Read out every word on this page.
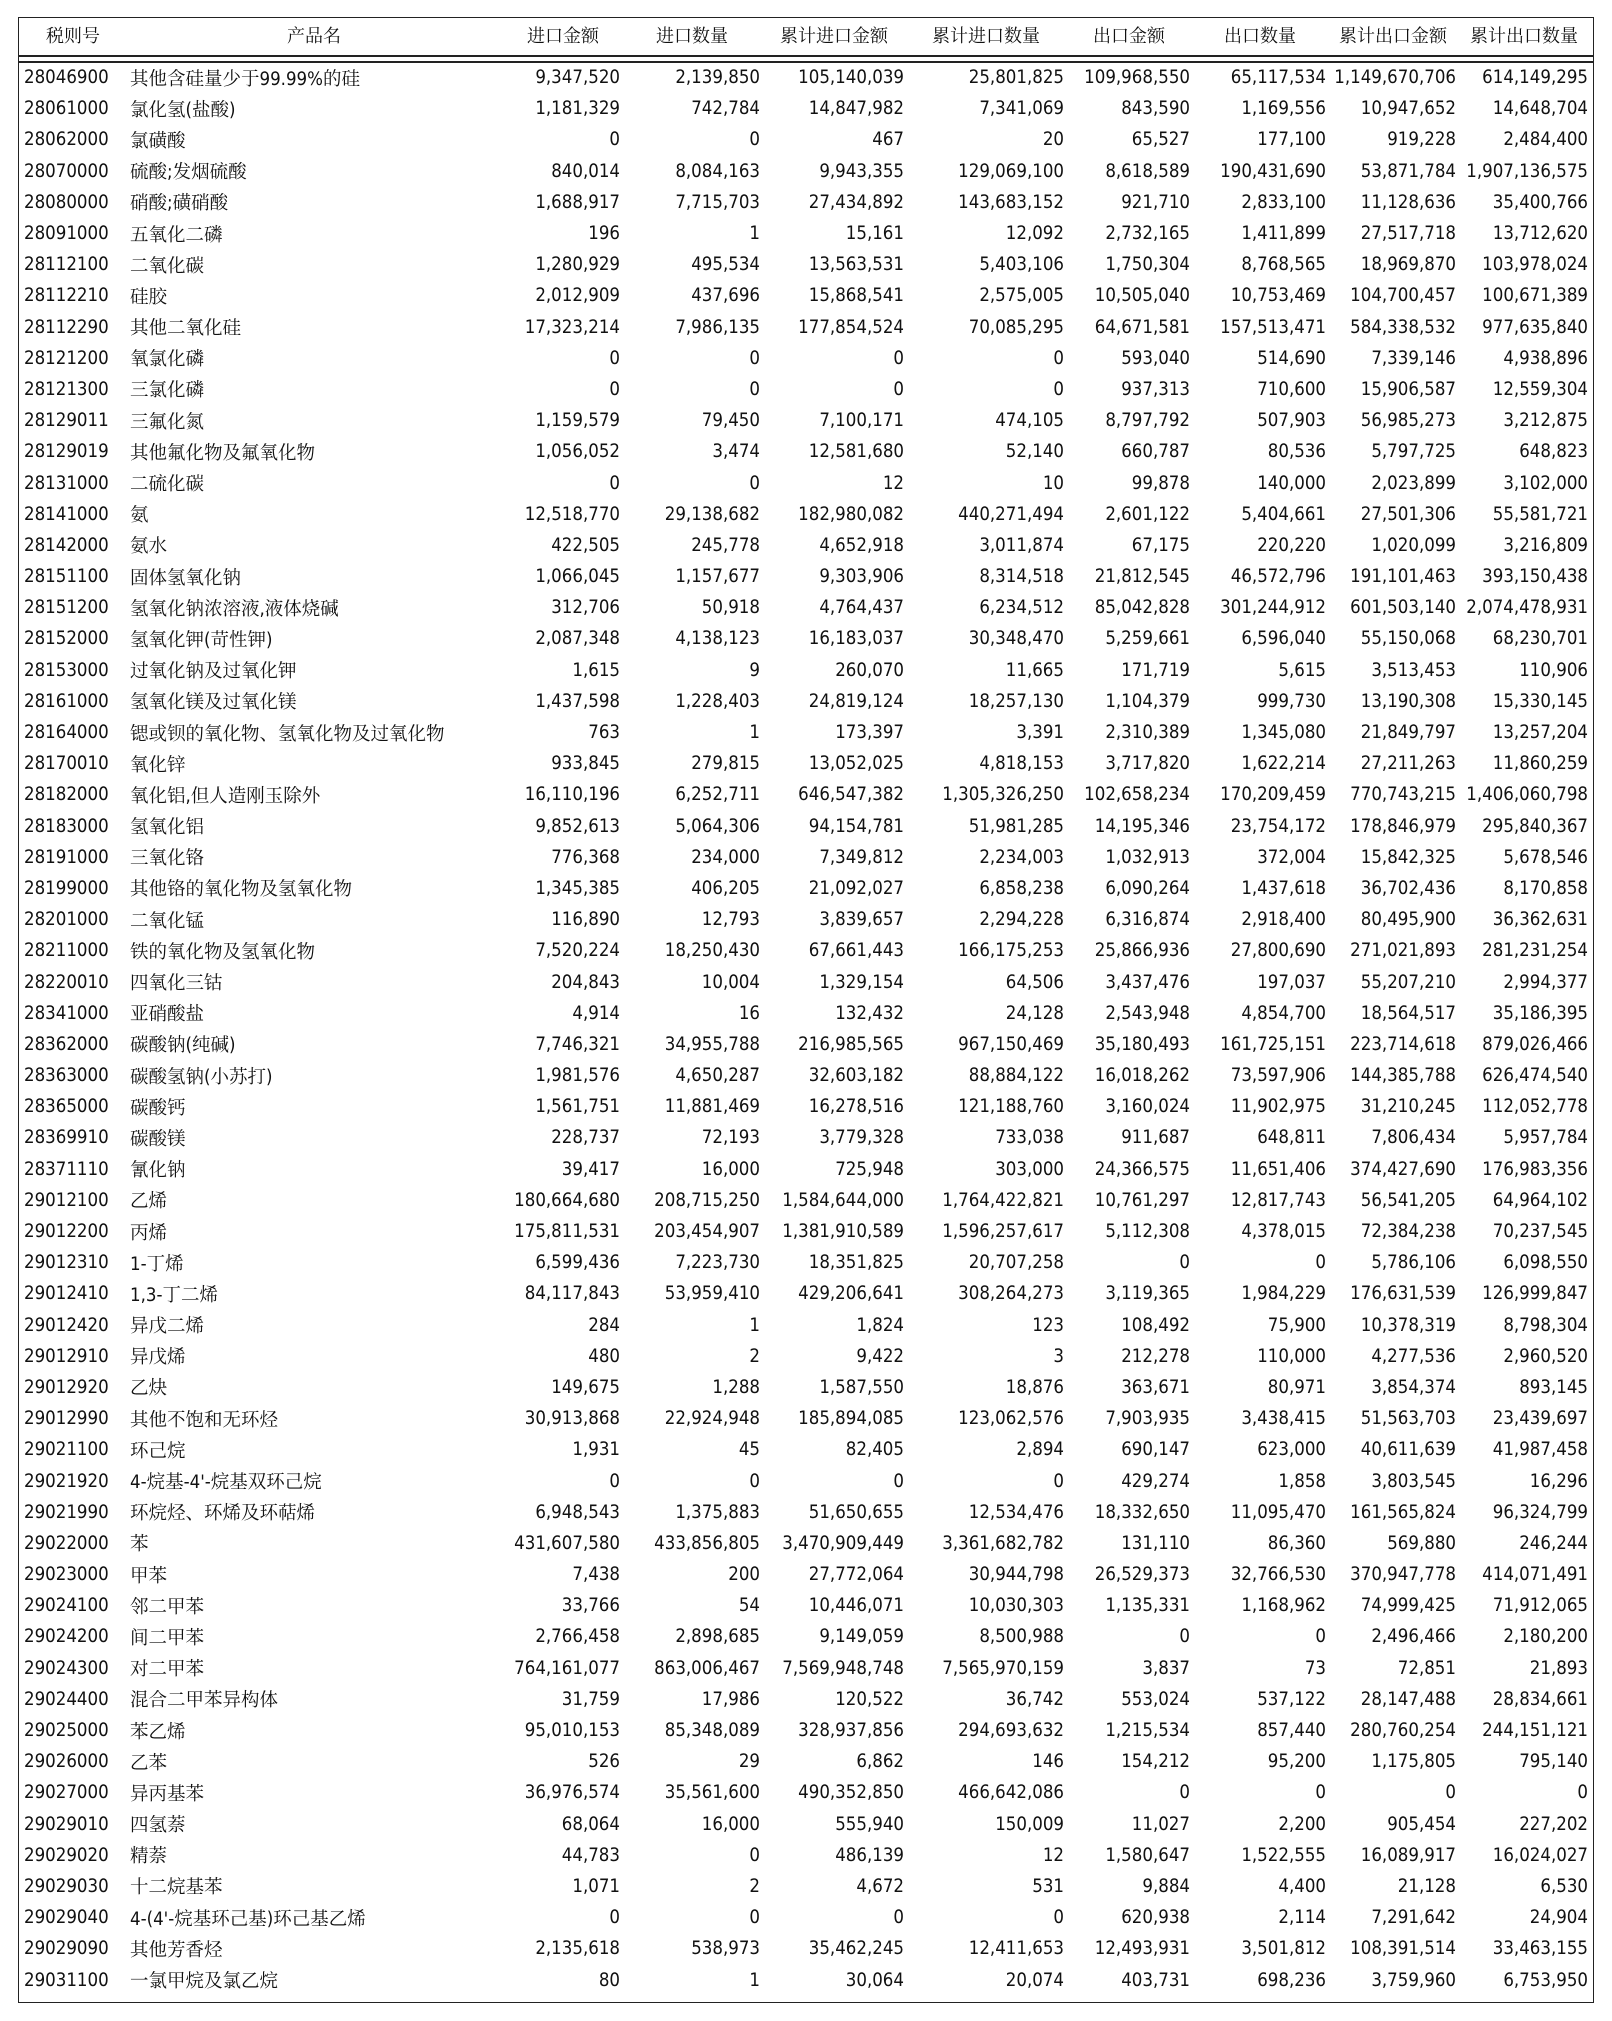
税则号	产品名	进口金额	进口数量	累计进口金额	累计进口数量	出口金额	出口数量	累计出口金额	累计出口数量

28046900	其他含硅量少于99.99%的硅	9,347,520	2,139,850	105,140,039	25,801,825	109,968,550	65,117,534	1,149,670,706	614,149,295
28061000	氯化氢(盐酸)	1,181,329	742,784	14,847,982	7,341,069	843,590	1,169,556	10,947,652	14,648,704
28062000	氯磺酸	0	0	467	20	65,527	177,100	919,228	2,484,400
28070000	硫酸;发烟硫酸	840,014	8,084,163	9,943,355	129,069,100	8,618,589	190,431,690	53,871,784	1,907,136,575
28080000	硝酸;磺硝酸	1,688,917	7,715,703	27,434,892	143,683,152	921,710	2,833,100	11,128,636	35,400,766
28091000	五氧化二磷	196	1	15,161	12,092	2,732,165	1,411,899	27,517,718	13,712,620
28112100	二氧化碳	1,280,929	495,534	13,563,531	5,403,106	1,750,304	8,768,565	18,969,870	103,978,024
28112210	硅胶	2,012,909	437,696	15,868,541	2,575,005	10,505,040	10,753,469	104,700,457	100,671,389
28112290	其他二氧化硅	17,323,214	7,986,135	177,854,524	70,085,295	64,671,581	157,513,471	584,338,532	977,635,840
28121200	氧氯化磷	0	0	0	0	593,040	514,690	7,339,146	4,938,896
28121300	三氯化磷	0	0	0	0	937,313	710,600	15,906,587	12,559,304
28129011	三氟化氮	1,159,579	79,450	7,100,171	474,105	8,797,792	507,903	56,985,273	3,212,875
28129019	其他氟化物及氟氧化物	1,056,052	3,474	12,581,680	52,140	660,787	80,536	5,797,725	648,823
28131000	二硫化碳	0	0	12	10	99,878	140,000	2,023,899	3,102,000
28141000	氨	12,518,770	29,138,682	182,980,082	440,271,494	2,601,122	5,404,661	27,501,306	55,581,721
28142000	氨水	422,505	245,778	4,652,918	3,011,874	67,175	220,220	1,020,099	3,216,809
28151100	固体氢氧化钠	1,066,045	1,157,677	9,303,906	8,314,518	21,812,545	46,572,796	191,101,463	393,150,438
28151200	氢氧化钠浓溶液,液体烧碱	312,706	50,918	4,764,437	6,234,512	85,042,828	301,244,912	601,503,140	2,074,478,931
28152000	氢氧化钾(苛性钾)	2,087,348	4,138,123	16,183,037	30,348,470	5,259,661	6,596,040	55,150,068	68,230,701
28153000	过氧化钠及过氧化钾	1,615	9	260,070	11,665	171,719	5,615	3,513,453	110,906
28161000	氢氧化镁及过氧化镁	1,437,598	1,228,403	24,819,124	18,257,130	1,104,379	999,730	13,190,308	15,330,145
28164000	锶或钡的氧化物、氢氧化物及过氧化物	763	1	173,397	3,391	2,310,389	1,345,080	21,849,797	13,257,204
28170010	氧化锌	933,845	279,815	13,052,025	4,818,153	3,717,820	1,622,214	27,211,263	11,860,259
28182000	氧化铝,但人造刚玉除外	16,110,196	6,252,711	646,547,382	1,305,326,250	102,658,234	170,209,459	770,743,215	1,406,060,798
28183000	氢氧化铝	9,852,613	5,064,306	94,154,781	51,981,285	14,195,346	23,754,172	178,846,979	295,840,367
28191000	三氧化铬	776,368	234,000	7,349,812	2,234,003	1,032,913	372,004	15,842,325	5,678,546
28199000	其他铬的氧化物及氢氧化物	1,345,385	406,205	21,092,027	6,858,238	6,090,264	1,437,618	36,702,436	8,170,858
28201000	二氧化锰	116,890	12,793	3,839,657	2,294,228	6,316,874	2,918,400	80,495,900	36,362,631
28211000	铁的氧化物及氢氧化物	7,520,224	18,250,430	67,661,443	166,175,253	25,866,936	27,800,690	271,021,893	281,231,254
28220010	四氧化三钴	204,843	10,004	1,329,154	64,506	3,437,476	197,037	55,207,210	2,994,377
28341000	亚硝酸盐	4,914	16	132,432	24,128	2,543,948	4,854,700	18,564,517	35,186,395
28362000	碳酸钠(纯碱)	7,746,321	34,955,788	216,985,565	967,150,469	35,180,493	161,725,151	223,714,618	879,026,466
28363000	碳酸氢钠(小苏打)	1,981,576	4,650,287	32,603,182	88,884,122	16,018,262	73,597,906	144,385,788	626,474,540
28365000	碳酸钙	1,561,751	11,881,469	16,278,516	121,188,760	3,160,024	11,902,975	31,210,245	112,052,778
28369910	碳酸镁	228,737	72,193	3,779,328	733,038	911,687	648,811	7,806,434	5,957,784
28371110	氰化钠	39,417	16,000	725,948	303,000	24,366,575	11,651,406	374,427,690	176,983,356
29012100	乙烯	180,664,680	208,715,250	1,584,644,000	1,764,422,821	10,761,297	12,817,743	56,541,205	64,964,102
29012200	丙烯	175,811,531	203,454,907	1,381,910,589	1,596,257,617	5,112,308	4,378,015	72,384,238	70,237,545
29012310	1-丁烯	6,599,436	7,223,730	18,351,825	20,707,258	0	0	5,786,106	6,098,550
29012410	1,3-丁二烯	84,117,843	53,959,410	429,206,641	308,264,273	3,119,365	1,984,229	176,631,539	126,999,847
29012420	异戊二烯	284	1	1,824	123	108,492	75,900	10,378,319	8,798,304
29012910	异戊烯	480	2	9,422	3	212,278	110,000	4,277,536	2,960,520
29012920	乙炔	149,675	1,288	1,587,550	18,876	363,671	80,971	3,854,374	893,145
29012990	其他不饱和无环烃	30,913,868	22,924,948	185,894,085	123,062,576	7,903,935	3,438,415	51,563,703	23,439,697
29021100	环己烷	1,931	45	82,405	2,894	690,147	623,000	40,611,639	41,987,458
29021920	4-烷基-4'-烷基双环己烷	0	0	0	0	429,274	1,858	3,803,545	16,296
29021990	环烷烃、环烯及环萜烯	6,948,543	1,375,883	51,650,655	12,534,476	18,332,650	11,095,470	161,565,824	96,324,799
29022000	苯	431,607,580	433,856,805	3,470,909,449	3,361,682,782	131,110	86,360	569,880	246,244
29023000	甲苯	7,438	200	27,772,064	30,944,798	26,529,373	32,766,530	370,947,778	414,071,491
29024100	邻二甲苯	33,766	54	10,446,071	10,030,303	1,135,331	1,168,962	74,999,425	71,912,065
29024200	间二甲苯	2,766,458	2,898,685	9,149,059	8,500,988	0	0	2,496,466	2,180,200
29024300	对二甲苯	764,161,077	863,006,467	7,569,948,748	7,565,970,159	3,837	73	72,851	21,893
29024400	混合二甲苯异构体	31,759	17,986	120,522	36,742	553,024	537,122	28,147,488	28,834,661
29025000	苯乙烯	95,010,153	85,348,089	328,937,856	294,693,632	1,215,534	857,440	280,760,254	244,151,121
29026000	乙苯	526	29	6,862	146	154,212	95,200	1,175,805	795,140
29027000	异丙基苯	36,976,574	35,561,600	490,352,850	466,642,086	0	0	0	0
29029010	四氢萘	68,064	16,000	555,940	150,009	11,027	2,200	905,454	227,202
29029020	精萘	44,783	0	486,139	12	1,580,647	1,522,555	16,089,917	16,024,027
29029030	十二烷基苯	1,071	2	4,672	531	9,884	4,400	21,128	6,530
29029040	4-(4'-烷基环己基)环己基乙烯	0	0	0	0	620,938	2,114	7,291,642	24,904
29029090	其他芳香烃	2,135,618	538,973	35,462,245	12,411,653	12,493,931	3,501,812	108,391,514	33,463,155
29031100	一氯甲烷及氯乙烷	80	1	30,064	20,074	403,731	698,236	3,759,960	6,753,950
